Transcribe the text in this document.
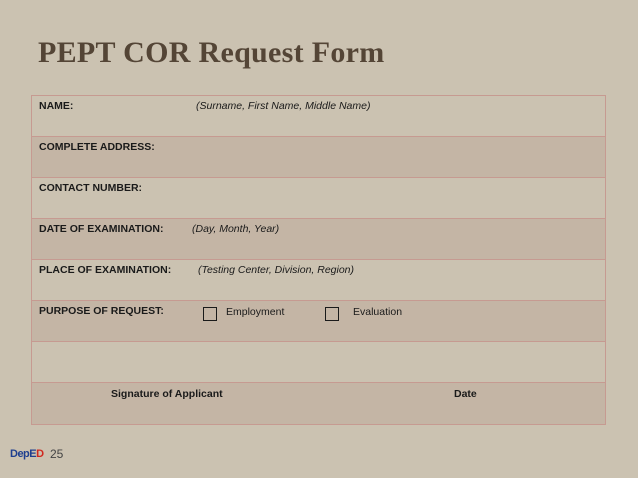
PEPT COR Request Form
NAME:	(Surname, First Name, Middle Name)
COMPLETE ADDRESS:
CONTACT NUMBER:
DATE OF EXAMINATION:	(Day, Month, Year)
PLACE OF EXAMINATION:	(Testing Center, Division, Region)
PURPOSE OF REQUEST:	Employment	Evaluation
Signature of Applicant	Date
DepED 25
